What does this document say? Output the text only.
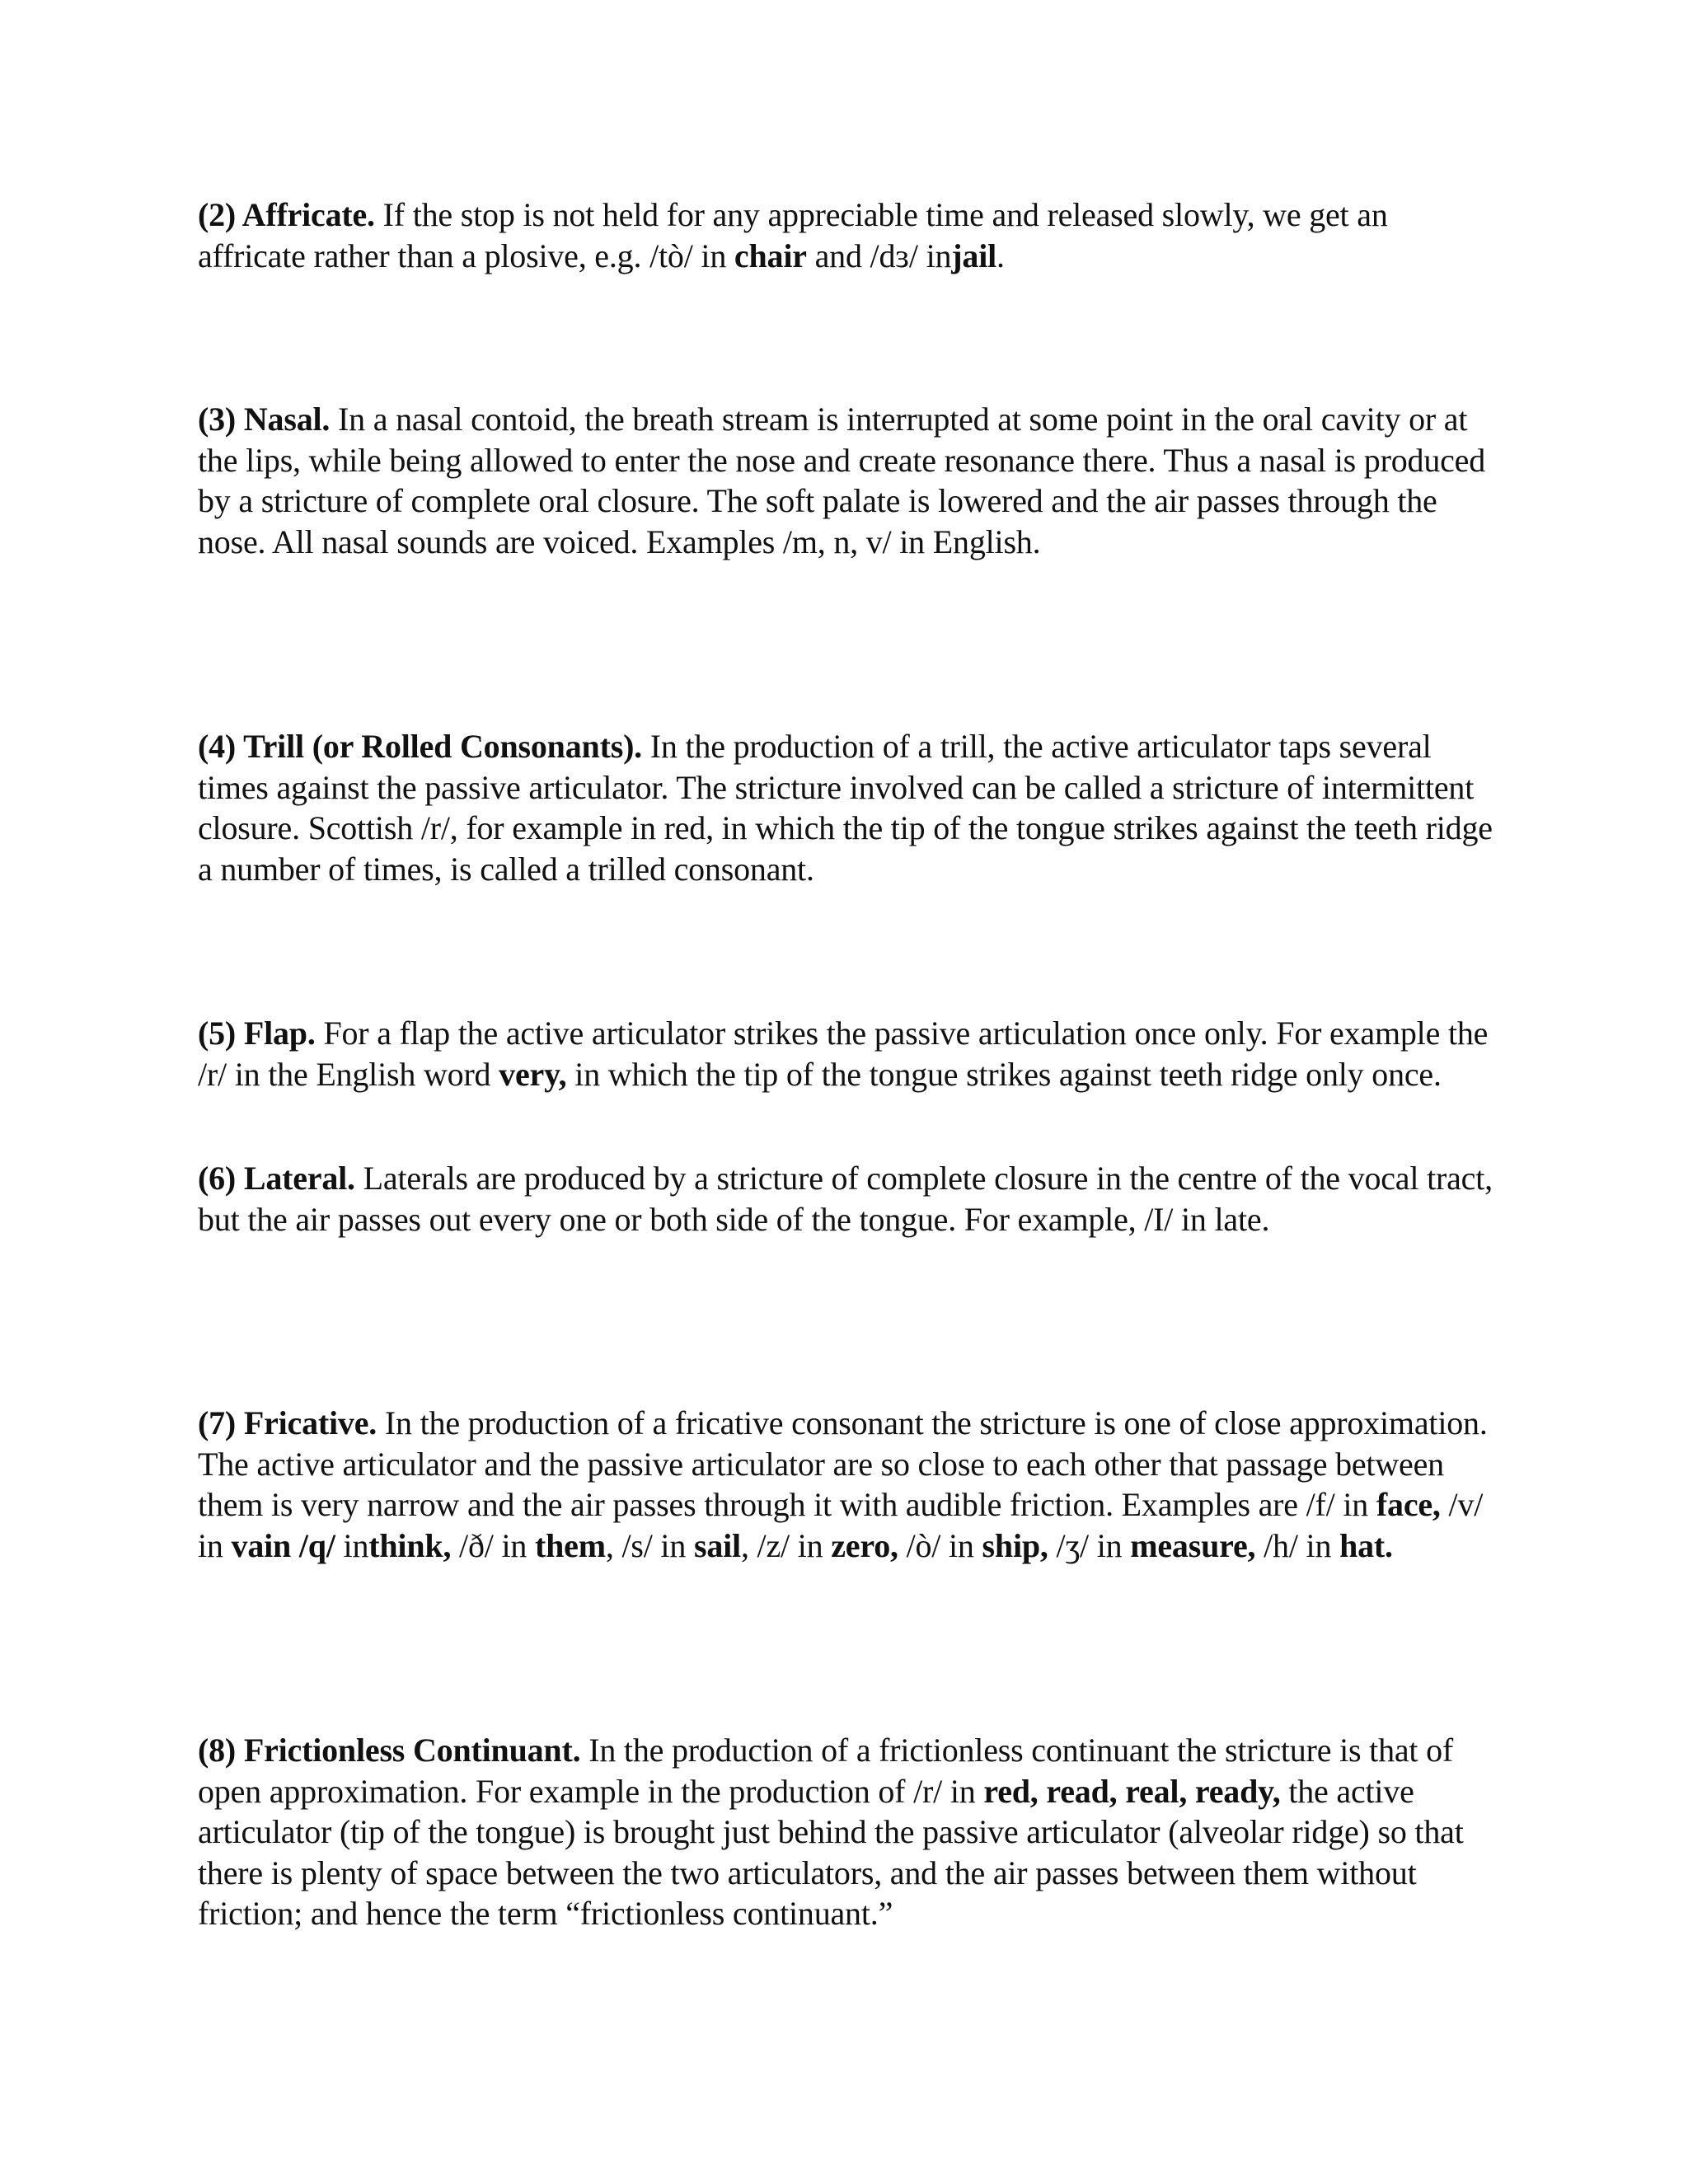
(2) Affricate. If the stop is not held for any appreciable time and released slowly, we get an affricate rather than a plosive, e.g. /tò/ in chair and /dɜ/ injail.

(3) Nasal. In a nasal contoid, the breath stream is interrupted at some point in the oral cavity or at the lips, while being allowed to enter the nose and create resonance there. Thus a nasal is produced by a stricture of complete oral closure. The soft palate is lowered and the air passes through the nose. All nasal sounds are voiced. Examples /m, n, v/ in English.

(4) Trill (or Rolled Consonants). In the production of a trill, the active articulator taps several times against the passive articulator. The stricture involved can be called a stricture of intermittent closure. Scottish /r/, for example in red, in which the tip of the tongue strikes against the teeth ridge a number of times, is called a trilled consonant.

(5) Flap. For a flap the active articulator strikes the passive articulation once only. For example the /r/ in the English word very, in which the tip of the tongue strikes against teeth ridge only once.

(6) Lateral. Laterals are produced by a stricture of complete closure in the centre of the vocal tract, but the air passes out every one or both side of the tongue. For example, /I/ in late.

(7) Fricative. In the production of a fricative consonant the stricture is one of close approximation. The active articulator and the passive articulator are so close to each other that passage between them is very narrow and the air passes through it with audible friction. Examples are /f/ in face, /v/ in vain /q/ inthink, /ð/ in them, /s/ in sail, /z/ in zero, /ò/ in ship, /ʒ/ in measure, /h/ in hat.

(8) Frictionless Continuant. In the production of a frictionless continuant the stricture is that of open approximation. For example in the production of /r/ in red, read, real, ready, the active articulator (tip of the tongue) is brought just behind the passive articulator (alveolar ridge) so that there is plenty of space between the two articulators, and the air passes between them without friction; and hence the term “frictionless continuant.”
